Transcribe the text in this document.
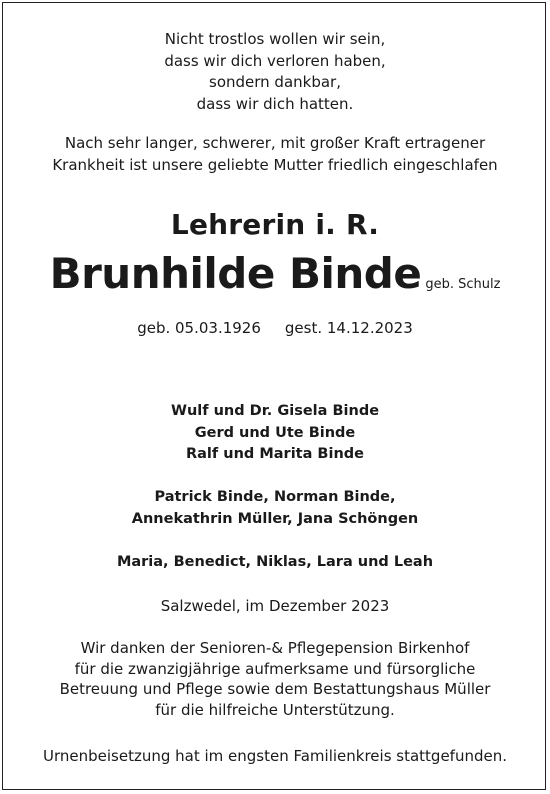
Nicht trostlos wollen wir sein,
dass wir dich verloren haben,
sondern dankbar,
dass wir dich hatten.
Nach sehr langer, schwerer, mit großer Kraft ertragener
Krankheit ist unsere geliebte Mutter friedlich eingeschlafen
Lehrerin i. R.
Brunhilde Binde geb. Schulz
geb. 05.03.1926 gest. 14.12.2023
Wulf und Dr. Gisela Binde
Gerd und Ute Binde
Ralf und Marita Binde
Patrick Binde, Norman Binde,
Annekathrin Müller, Jana Schöngen
Maria, Benedict, Niklas, Lara und Leah
Salzwedel, im Dezember 2023
Wir danken der Senioren-& Pflegepension Birkenhof
für die zwanzigjährige aufmerksame und fürsorgliche
Betreuung und Pflege sowie dem Bestattungshaus Müller
für die hilfreiche Unterstützung.
Urnenbeisetzung hat im engsten Familienkreis stattgefunden.
